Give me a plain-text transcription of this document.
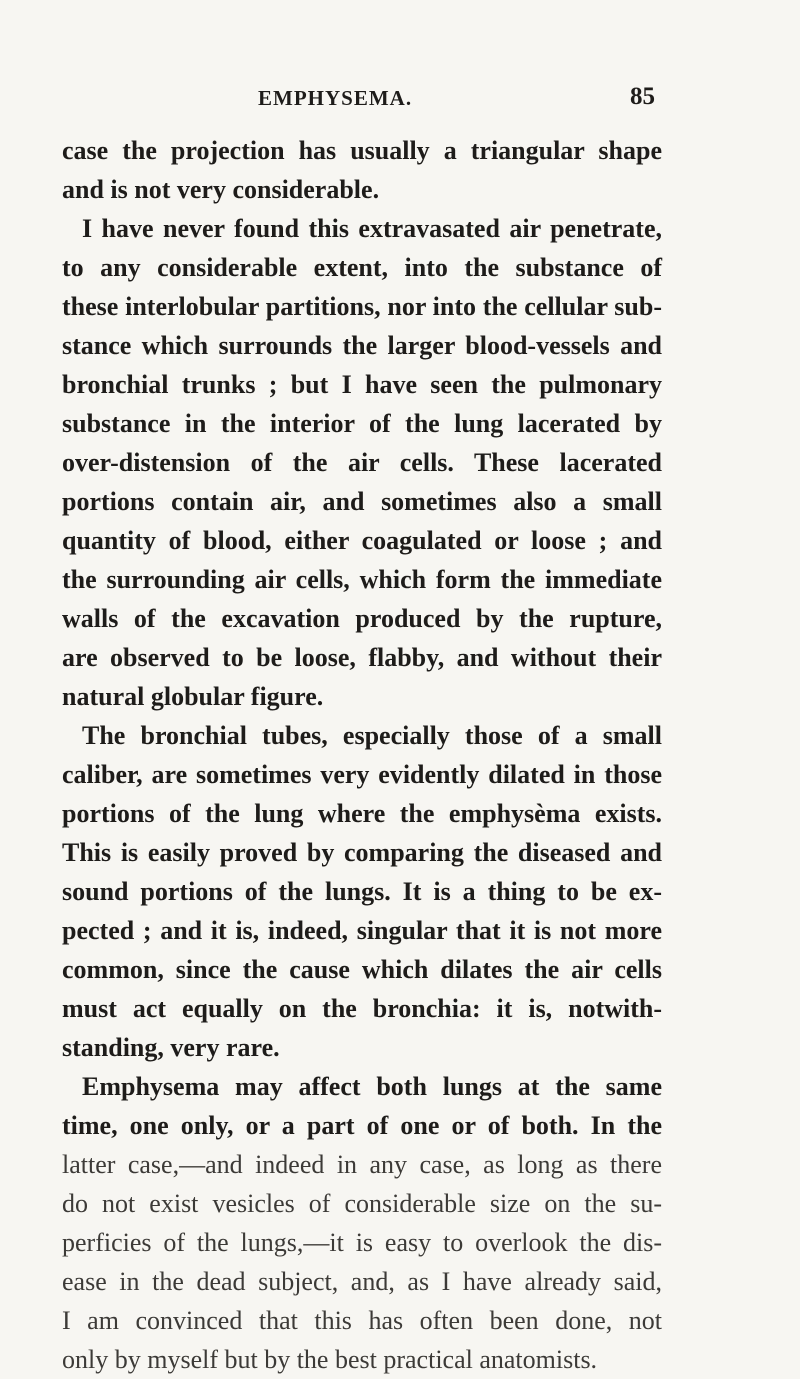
EMPHYSEMA.	85
case the projection has usually a triangular shape
and is not very considerable.
I have never found this extravasated air penetrate,
to any considerable extent, into the substance of
these interlobular partitions, nor into the cellular sub-
stance which surrounds the larger blood-vessels and
bronchial trunks ; but I have seen the pulmonary
substance in the interior of the lung lacerated by
over-distension of the air cells. These lacerated
portions contain air, and sometimes also a small
quantity of blood, either coagulated or loose ; and
the surrounding air cells, which form the immediate
walls of the excavation produced by the rupture,
are observed to be loose, flabby, and without their
natural globular figure.
The bronchial tubes, especially those of a small
caliber, are sometimes very evidently dilated in those
portions of the lung where the emphysèma exists.
This is easily proved by comparing the diseased and
sound portions of the lungs. It is a thing to be ex-
pected ; and it is, indeed, singular that it is not more
common, since the cause which dilates the air cells
must act equally on the bronchia: it is, notwith-
standing, very rare.
Emphysema may affect both lungs at the same
time, one only, or a part of one or of both. In the
latter case,—and indeed in any case, as long as there
do not exist vesicles of considerable size on the su-
perficies of the lungs,—it is easy to overlook the dis-
ease in the dead subject, and, as I have already said,
I am convinced that this has often been done, not
only by myself but by the best practical anatomists.
